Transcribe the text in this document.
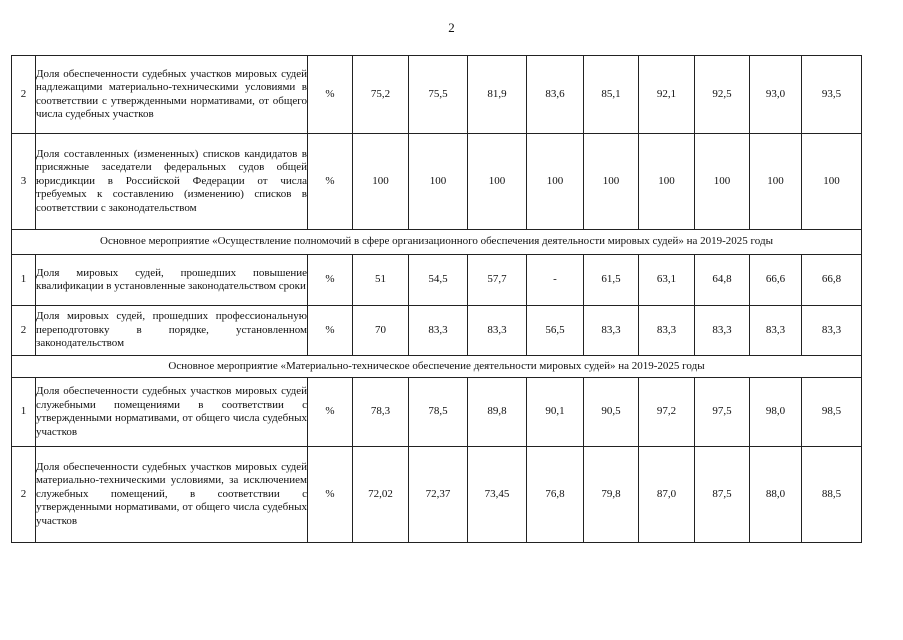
2
2	Доля обеспеченности судебных участков мировых судей надлежащими материально-техническими условиями в соответствии с утвержденными нормативами, от общего числа судебных участков	%	75,2	75,5	81,9	83,6	85,1	92,1	92,5	93,0	93,5
3	Доля составленных (измененных) списков кандидатов в присяжные заседатели федеральных судов общей юрисдикции в Российской Федерации от числа требуемых к составлению (изменению) списков в соответствии с законодательством	%	100	100	100	100	100	100	100	100	100
Основное мероприятие «Осуществление полномочий в сфере организационного обеспечения деятельности мировых судей» на 2019-2025 годы											
1	Доля мировых судей, прошедших повышение квалификации в установленные законодательством сроки	%	51	54,5	57,7	-	61,5	63,1	64,8	66,6	66,8
2	Доля мировых судей, прошедших профессиональную переподготовку в порядке, установленном законодательством	%	70	83,3	83,3	56,5	83,3	83,3	83,3	83,3	83,3
Основное мероприятие «Материально-техническое обеспечение деятельности мировых судей» на 2019-2025 годы											
1	Доля обеспеченности судебных участков мировых судей служебными помещениями в соответствии с утвержденными нормативами, от общего числа судебных участков	%	78,3	78,5	89,8	90,1	90,5	97,2	97,5	98,0	98,5
2	Доля обеспеченности судебных участков мировых судей материально-техническими условиями, за исключением служебных помещений, в соответствии с утвержденными нормативами, от общего числа судебных участков	%	72,02	72,37	73,45	76,8	79,8	87,0	87,5	88,0	88,5
